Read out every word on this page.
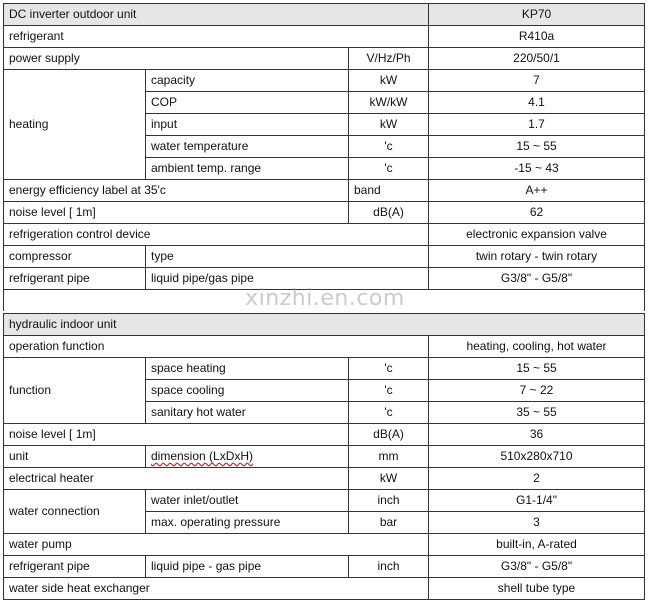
DC inverter outdoor unit			KP70
refrigerant			R410a
power supply		V/Hz/Ph	220/50/1
heating	capacity	kW	7
	COP	kW/kW	4.1
	input	kW	1.7
	water temperature	'c	15 ~ 55
	ambient temp. range	'c	-15 ~ 43
energy efficiency label at 35'c		band	A++
noise level [ 1m]		dB(A)	62
refrigeration control device			electronic expansion valve
compressor	type		twin rotary - twin rotary
refrigerant pipe	liquid pipe/gas pipe		G3/8" - G5/8"

xinzhi.en.com
hydraulic indoor unit			
operation function			heating, cooling, hot water
function	space heating	'c	15 ~ 55
	space cooling	'c	7 ~ 22
	sanitary hot water	'c	35 ~ 55
noise level [ 1m]		dB(A)	36
unit	dimension (LxDxH)	mm	510x280x710
electrical heater		kW	2
water connection	water inlet/outlet	inch	G1-1/4"
	max. operating pressure	bar	3
water pump			built-in, A-rated
refrigerant pipe	liquid pipe - gas pipe	inch	G3/8" - G5/8"
water side heat exchanger			shell tube type
